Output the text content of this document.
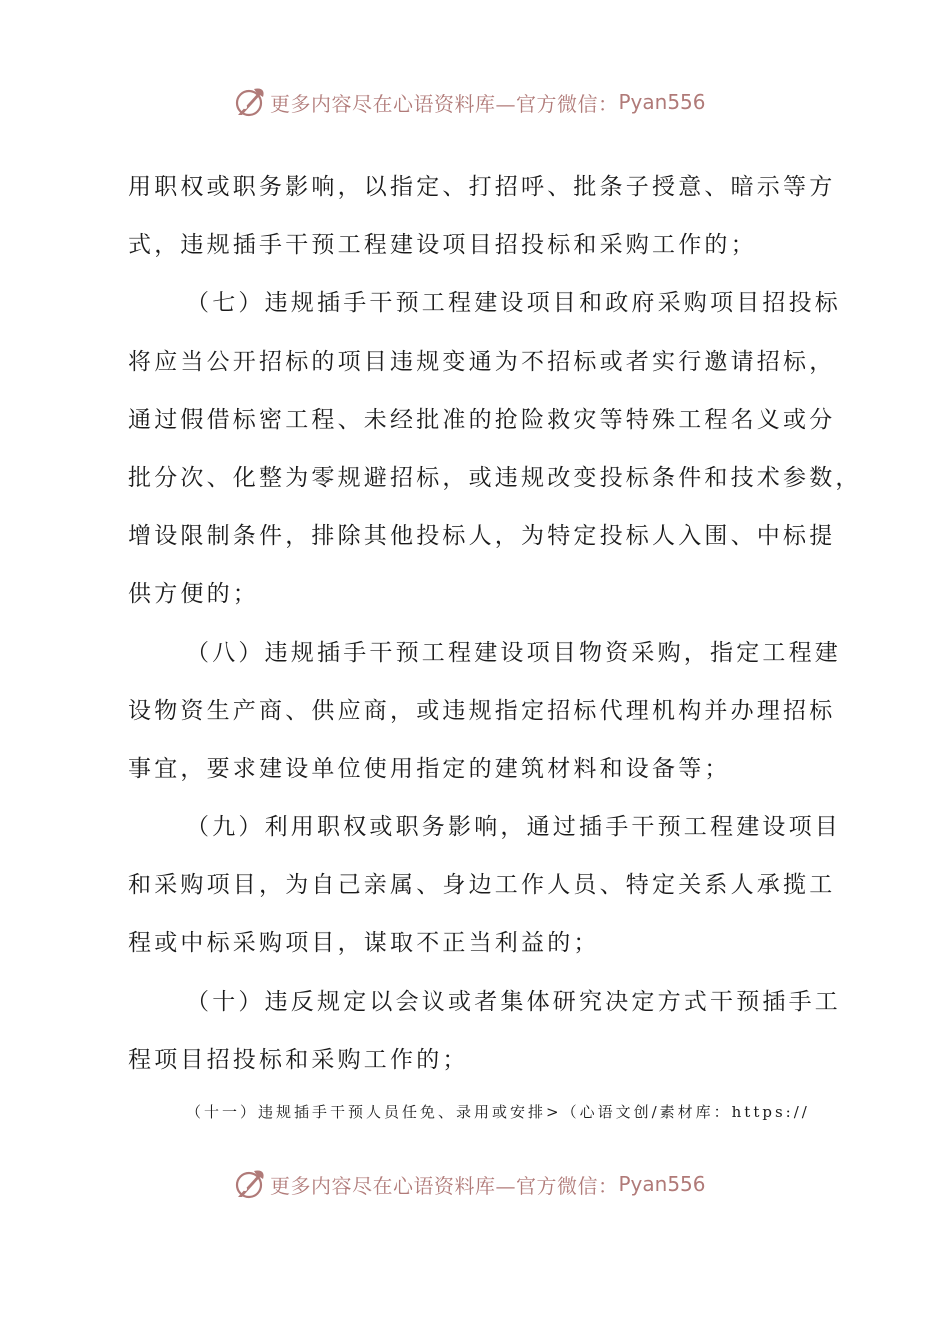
更多内容尽在心语资料库—官方微信： Pyan556
用职权或职务影响，以指定、打招呼、批条子授意、暗示等方
式，违规插手干预工程建设项目招投标和采购工作的；
（七）违规插手干预工程建设项目和政府采购项目招投标
将应当公开招标的项目违规变通为不招标或者实行邀请招标，
通过假借标密工程、未经批准的抢险救灾等特殊工程名义或分
批分次、化整为零规避招标，或违规改变投标条件和技术参数，
增设限制条件，排除其他投标人，为特定投标人入围、中标提
供方便的；
（八）违规插手干预工程建设项目物资采购，指定工程建
设物资生产商、供应商，或违规指定招标代理机构并办理招标
事宜，要求建设单位使用指定的建筑材料和设备等；
（九）利用职权或职务影响，通过插手干预工程建设项目
和采购项目，为自己亲属、身边工作人员、特定关系人承揽工
程或中标采购项目，谋取不正当利益的；
（十）违反规定以会议或者集体研究决定方式干预插手工
程项目招投标和采购工作的；
（十一）违规插手干预人员任免、录用或安排>（心语文创/素材库：https://
更多内容尽在心语资料库—官方微信： Pyan556
